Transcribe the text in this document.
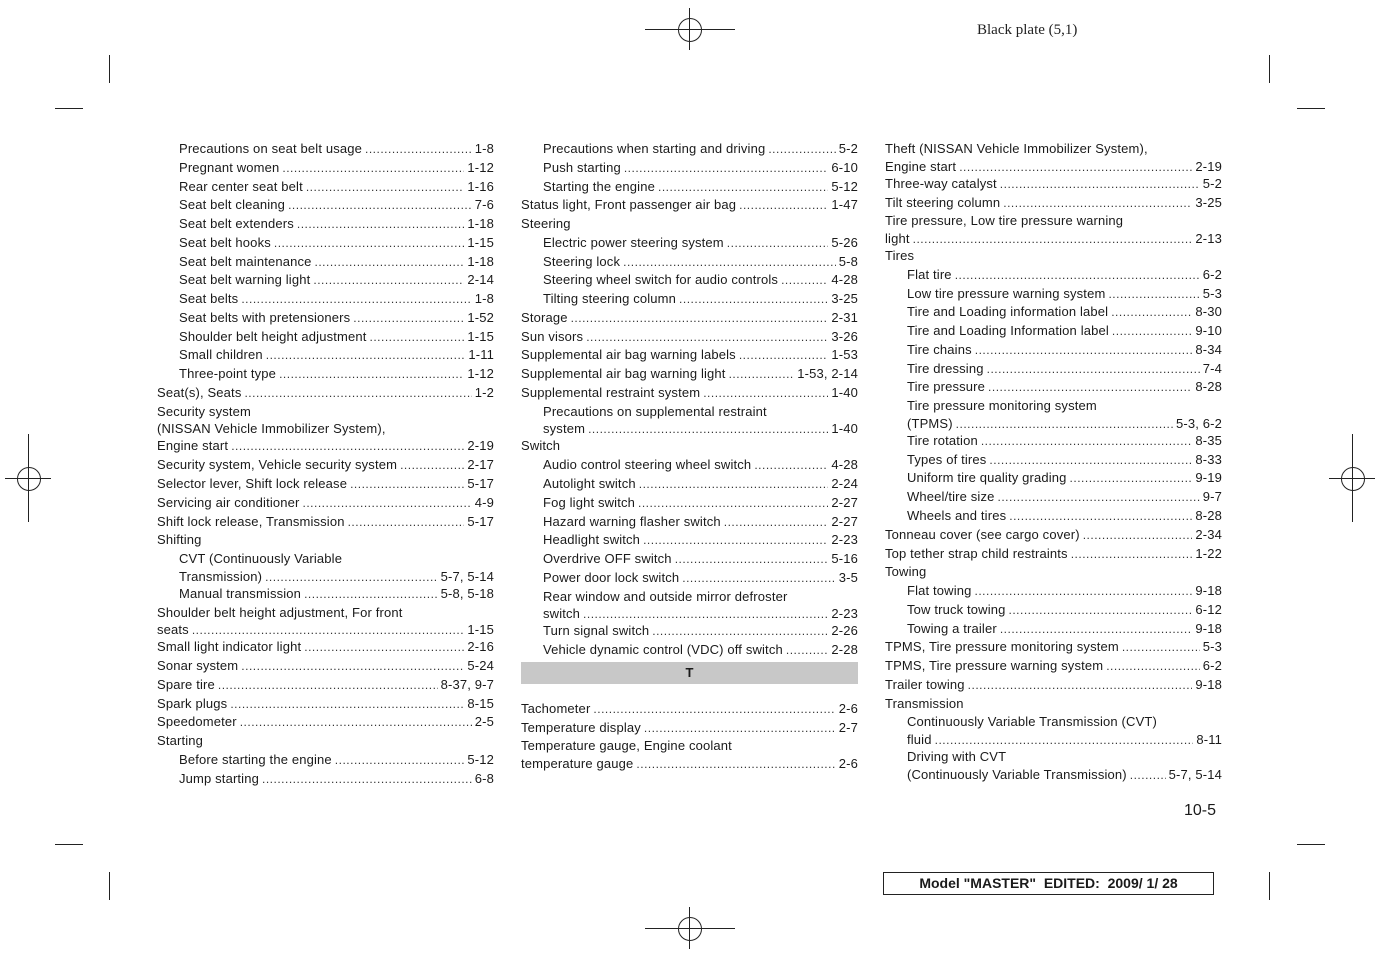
Black plate (5,1)
Precautions on seat belt usage .....	1-8
Pregnant women .....	1-12
Rear center seat belt .....	1-16
Seat belt cleaning .....	7-6
Seat belt extenders .....	1-18
Seat belt hooks .....	1-15
Seat belt maintenance .....	1-18
Seat belt warning light .....	2-14
Seat belts .....	1-8
Seat belts with pretensioners .....	1-52
Shoulder belt height adjustment .....	1-15
Small children .....	1-11
Three-point type .....	1-12
Seat(s), Seats .....	1-2
Security system
(NISSAN Vehicle Immobilizer System),
Engine start .....	2-19
Security system, Vehicle security system .....	2-17
Selector lever, Shift lock release .....	5-17
Servicing air conditioner .....	4-9
Shift lock release, Transmission .....	5-17
Shifting
CVT (Continuously Variable
Transmission) .....	5-7, 5-14
Manual transmission .....	5-8, 5-18
Shoulder belt height adjustment, For front
seats .....	1-15
Small light indicator light .....	2-16
Sonar system .....	5-24
Spare tire .....	8-37, 9-7
Spark plugs .....	8-15
Speedometer .....	2-5
Starting
Before starting the engine .....	5-12
Jump starting .....	6-8
Precautions when starting and driving .....	5-2
Push starting .....	6-10
Starting the engine .....	5-12
Status light, Front passenger air bag .....	1-47
Steering
Electric power steering system .....	5-26
Steering lock .....	5-8
Steering wheel switch for audio controls .....	4-28
Tilting steering column .....	3-25
Storage .....	2-31
Sun visors .....	3-26
Supplemental air bag warning labels .....	1-53
Supplemental air bag warning light .....	1-53, 2-14
Supplemental restraint system .....	1-40
Precautions on supplemental restraint
system .....	1-40
Switch
Audio control steering wheel switch .....	4-28
Autolight switch .....	2-24
Fog light switch .....	2-27
Hazard warning flasher switch .....	2-27
Headlight switch .....	2-23
Overdrive OFF switch .....	5-16
Power door lock switch .....	3-5
Rear window and outside mirror defroster
switch .....	2-23
Turn signal switch .....	2-26
Vehicle dynamic control (VDC) off switch .....	2-28
T
Tachometer .....	2-6
Temperature display .....	2-7
Temperature gauge, Engine coolant
temperature gauge .....	2-6
Theft (NISSAN Vehicle Immobilizer System),
Engine start .....	2-19
Three-way catalyst .....	5-2
Tilt steering column .....	3-25
Tire pressure, Low tire pressure warning
light .....	2-13
Tires
Flat tire .....	6-2
Low tire pressure warning system .....	5-3
Tire and Loading information label .....	8-30
Tire and Loading Information label .....	9-10
Tire chains .....	8-34
Tire dressing .....	7-4
Tire pressure .....	8-28
Tire pressure monitoring system
(TPMS) .....	5-3, 6-2
Tire rotation .....	8-35
Types of tires .....	8-33
Uniform tire quality grading .....	9-19
Wheel/tire size .....	9-7
Wheels and tires .....	8-28
Tonneau cover (see cargo cover) .....	2-34
Top tether strap child restraints .....	1-22
Towing
Flat towing .....	9-18
Tow truck towing .....	6-12
Towing a trailer .....	9-18
TPMS, Tire pressure monitoring system .....	5-3
TPMS, Tire pressure warning system .....	6-2
Trailer towing .....	9-18
Transmission
Continuously Variable Transmission (CVT)
fluid .....	8-11
Driving with CVT
(Continuously Variable Transmission) .....	5-7, 5-14
10-5
Model "MASTER" EDITED: 2009/ 1/ 28
